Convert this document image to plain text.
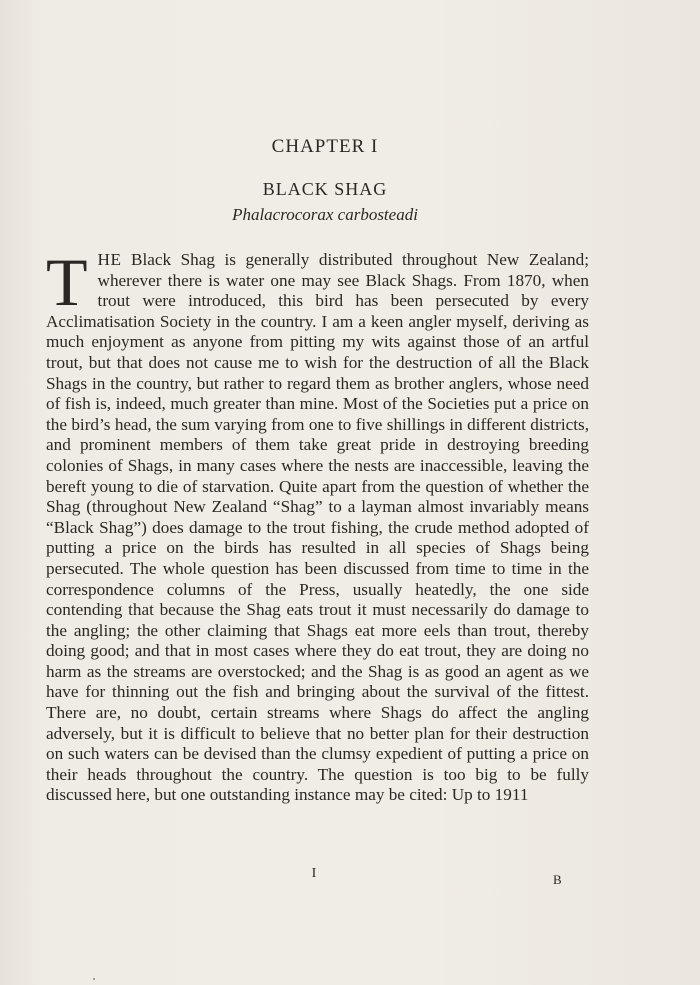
CHAPTER I
BLACK SHAG
Phalacrocorax carbosteadi
THE Black Shag is generally distributed throughout New Zealand; wherever there is water one may see Black Shags. From 1870, when trout were introduced, this bird has been persecuted by every Acclimatisation Society in the country. I am a keen angler myself, deriving as much enjoyment as anyone from pitting my wits against those of an artful trout, but that does not cause me to wish for the destruction of all the Black Shags in the country, but rather to regard them as brother anglers, whose need of fish is, indeed, much greater than mine. Most of the Societies put a price on the bird’s head, the sum varying from one to five shillings in different districts, and prominent members of them take great pride in destroying breeding colonies of Shags, in many cases where the nests are inaccessible, leaving the bereft young to die of starvation. Quite apart from the question of whether the Shag (throughout New Zealand “Shag” to a layman almost invariably means “Black Shag”) does damage to the trout fishing, the crude method adopted of putting a price on the birds has resulted in all species of Shags being persecuted. The whole question has been discussed from time to time in the correspondence columns of the Press, usually heatedly, the one side contending that because the Shag eats trout it must necessarily do damage to the angling; the other claiming that Shags eat more eels than trout, thereby doing good; and that in most cases where they do eat trout, they are doing no harm as the streams are overstocked; and the Shag is as good an agent as we have for thinning out the fish and bringing about the survival of the fittest. There are, no doubt, certain streams where Shags do affect the angling adversely, but it is difficult to believe that no better plan for their destruction on such waters can be devised than the clumsy expedient of putting a price on their heads throughout the country. The question is too big to be fully discussed here, but one outstanding instance may be cited: Up to 1911
I	B
